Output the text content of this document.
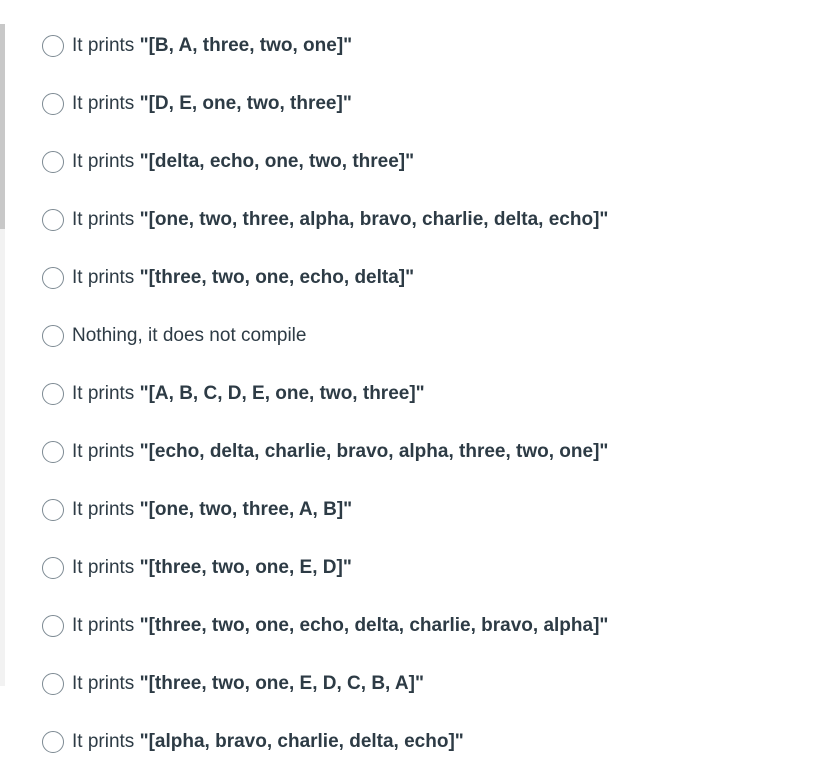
It prints "[B, A, three, two, one]"
It prints "[D, E, one, two, three]"
It prints "[delta, echo, one, two, three]"
It prints "[one, two, three, alpha, bravo, charlie, delta, echo]"
It prints "[three, two, one, echo, delta]"
Nothing, it does not compile
It prints "[A, B, C, D, E, one, two, three]"
It prints "[echo, delta, charlie, bravo, alpha, three, two, one]"
It prints "[one, two, three, A, B]"
It prints "[three, two, one, E, D]"
It prints "[three, two, one, echo, delta, charlie, bravo, alpha]"
It prints "[three, two, one, E, D, C, B, A]"
It prints "[alpha, bravo, charlie, delta, echo]"
